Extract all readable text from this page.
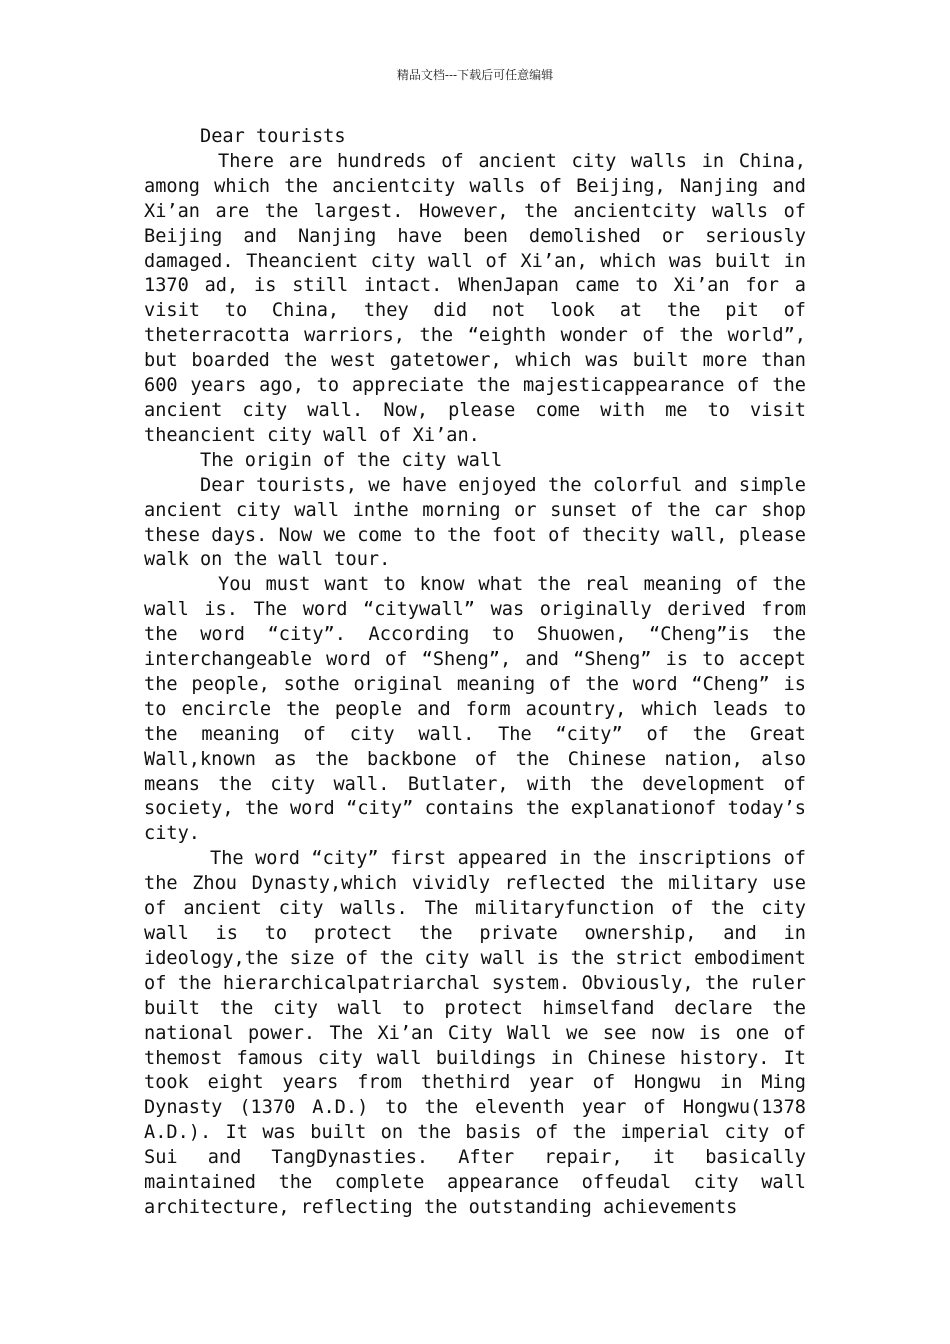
精品文档---下载后可任意编辑

Dear tourists

There are hundreds of ancient city walls in China, among which the ancientcity walls of Beijing, Nanjing and Xi’an are the largest. However, the ancientcity walls of Beijing and Nanjing have been demolished or seriously damaged. Theancient city wall of Xi’an, which was built in 1370 ad, is still intact. WhenJapan came to Xi’an for a visit to China, they did not look at the pit of theterracotta warriors, the “eighth wonder of the world”, but boarded the west gatetower, which was built more than 600 years ago, to appreciate the majesticappearance of the ancient city wall. Now, please come with me to visit theancient city wall of Xi’an.

The origin of the city wall

Dear tourists, we have enjoyed the colorful and simple ancient city wall inthe morning or sunset of the car shop these days. Now we come to the foot of thecity wall, please walk on the wall tour.

You must want to know what the real meaning of the wall is. The word “citywall” was originally derived from the word “city”. According to Shuowen, “Cheng”is the interchangeable word of “Sheng”, and “Sheng” is to accept the people, sothe original meaning of the word “Cheng” is to encircle the people and form acountry, which leads to the meaning of city wall. The “city” of the Great Wall,known as the backbone of the Chinese nation, also means the city wall. Butlater, with the development of society, the word “city” contains the explanationof today’s city.

The word “city” first appeared in the inscriptions of the Zhou Dynasty,which vividly reflected the military use of ancient city walls. The militaryfunction of the city wall is to protect the private ownership, and in ideology,the size of the city wall is the strict embodiment of the hierarchicalpatriarchal system. Obviously, the ruler built the city wall to protect himselfand declare the national power. The Xi’an City Wall we see now is one of themost famous city wall buildings in Chinese history. It took eight years from thethird year of Hongwu in Ming Dynasty (1370 A.D.) to the eleventh year of Hongwu(1378 A.D.). It was built on the basis of the imperial city of Sui and TangDynasties. After repair, it basically maintained the complete appearance offeudal city wall architecture, reflecting the outstanding achievements
